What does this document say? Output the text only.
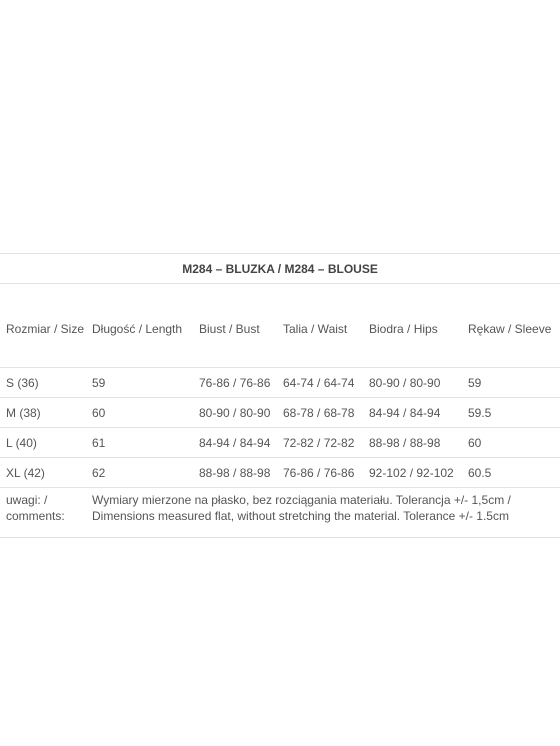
M284 – BLUZKA / M284 – BLOUSE					
Rozmiar / Size	Długość / Length	Biust / Bust	Talia / Waist	Biodra / Hips	Rękaw / Sleeve
S (36)	59	76-86 / 76-86	64-74 / 64-74	80-90 / 80-90	59
M (38)	60	80-90 / 80-90	68-78 / 68-78	84-94 / 84-94	59.5
L (40)	61	84-94 / 84-94	72-82 / 72-82	88-98 / 88-98	60
XL (42)	62	88-98 / 88-98	76-86 / 76-86	92-102 / 92-102	60.5
uwagi: / comments:	Wymiary mierzone na płasko, bez rozciągania materiału. Tolerancja +/- 1,5cm / Dimensions measured flat, without stretching the material. Tolerance +/- 1.5cm				
